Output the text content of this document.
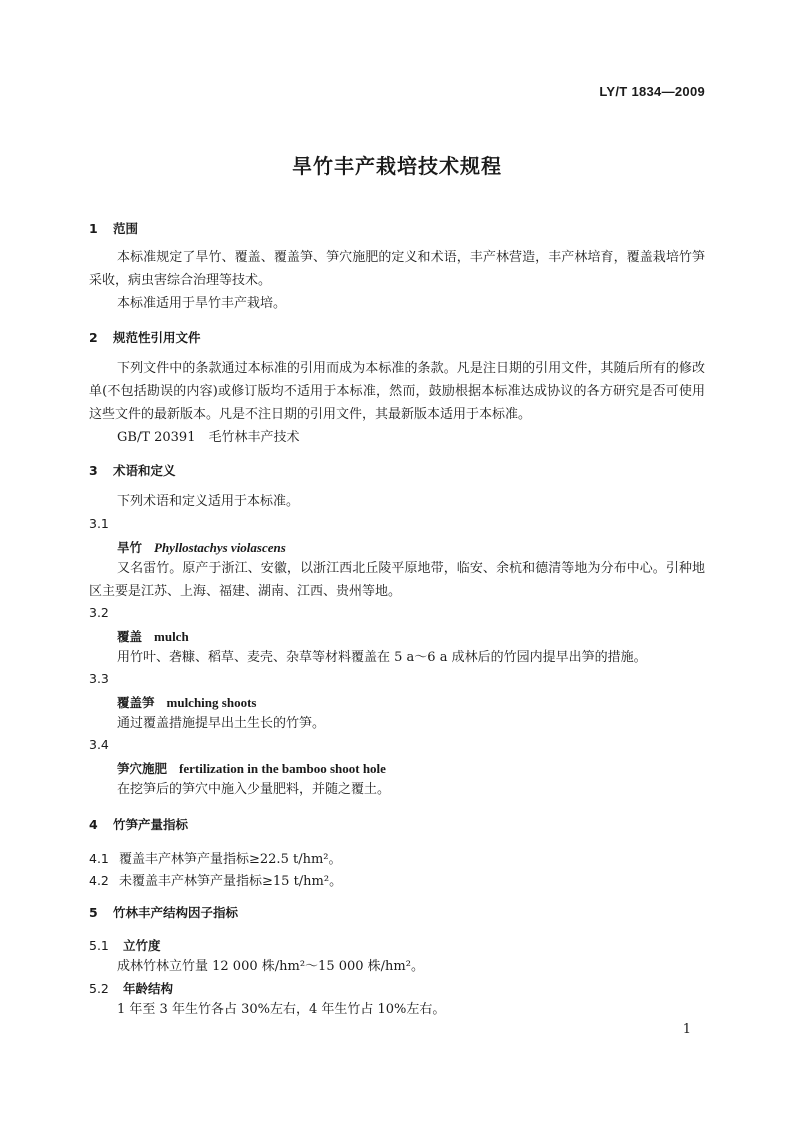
LY/T 1834—2009
旱竹丰产栽培技术规程
1 范围
本标准规定了旱竹、覆盖、覆盖笋、笋穴施肥的定义和术语，丰产林营造，丰产林培育，覆盖栽培竹笋采收，病虫害综合治理等技术。
本标准适用于旱竹丰产栽培。
2 规范性引用文件
下列文件中的条款通过本标准的引用而成为本标准的条款。凡是注日期的引用文件，其随后所有的修改单(不包括勘误的内容)或修订版均不适用于本标准，然而，鼓励根据本标准达成协议的各方研究是否可使用这些文件的最新版本。凡是不注日期的引用文件，其最新版本适用于本标准。
GB/T 20391　毛竹林丰产技术
3 术语和定义
下列术语和定义适用于本标准。
3.1
旱竹 Phyllostachys violascens
又名雷竹。原产于浙江、安徽，以浙江西北丘陵平原地带，临安、余杭和德清等地为分布中心。引种地区主要是江苏、上海、福建、湖南、江西、贵州等地。
3.2
覆盖 mulch
用竹叶、砻糠、稻草、麦壳、杂草等材料覆盖在 5 a～6 a 成林后的竹园内提早出笋的措施。
3.3
覆盖笋 mulching shoots
通过覆盖措施提早出土生长的竹笋。
3.4
笋穴施肥 fertilization in the bamboo shoot hole
在挖笋后的笋穴中施入少量肥料，并随之覆土。
4 竹笋产量指标
4.1 覆盖丰产林笋产量指标≥22.5 t/hm²。
4.2 未覆盖丰产林笋产量指标≥15 t/hm²。
5 竹林丰产结构因子指标
5.1 立竹度
成林竹林立竹量 12 000 株/hm²～15 000 株/hm²。
5.2 年龄结构
1 年至 3 年生竹各占 30%左右，4 年生竹占 10%左右。
1
